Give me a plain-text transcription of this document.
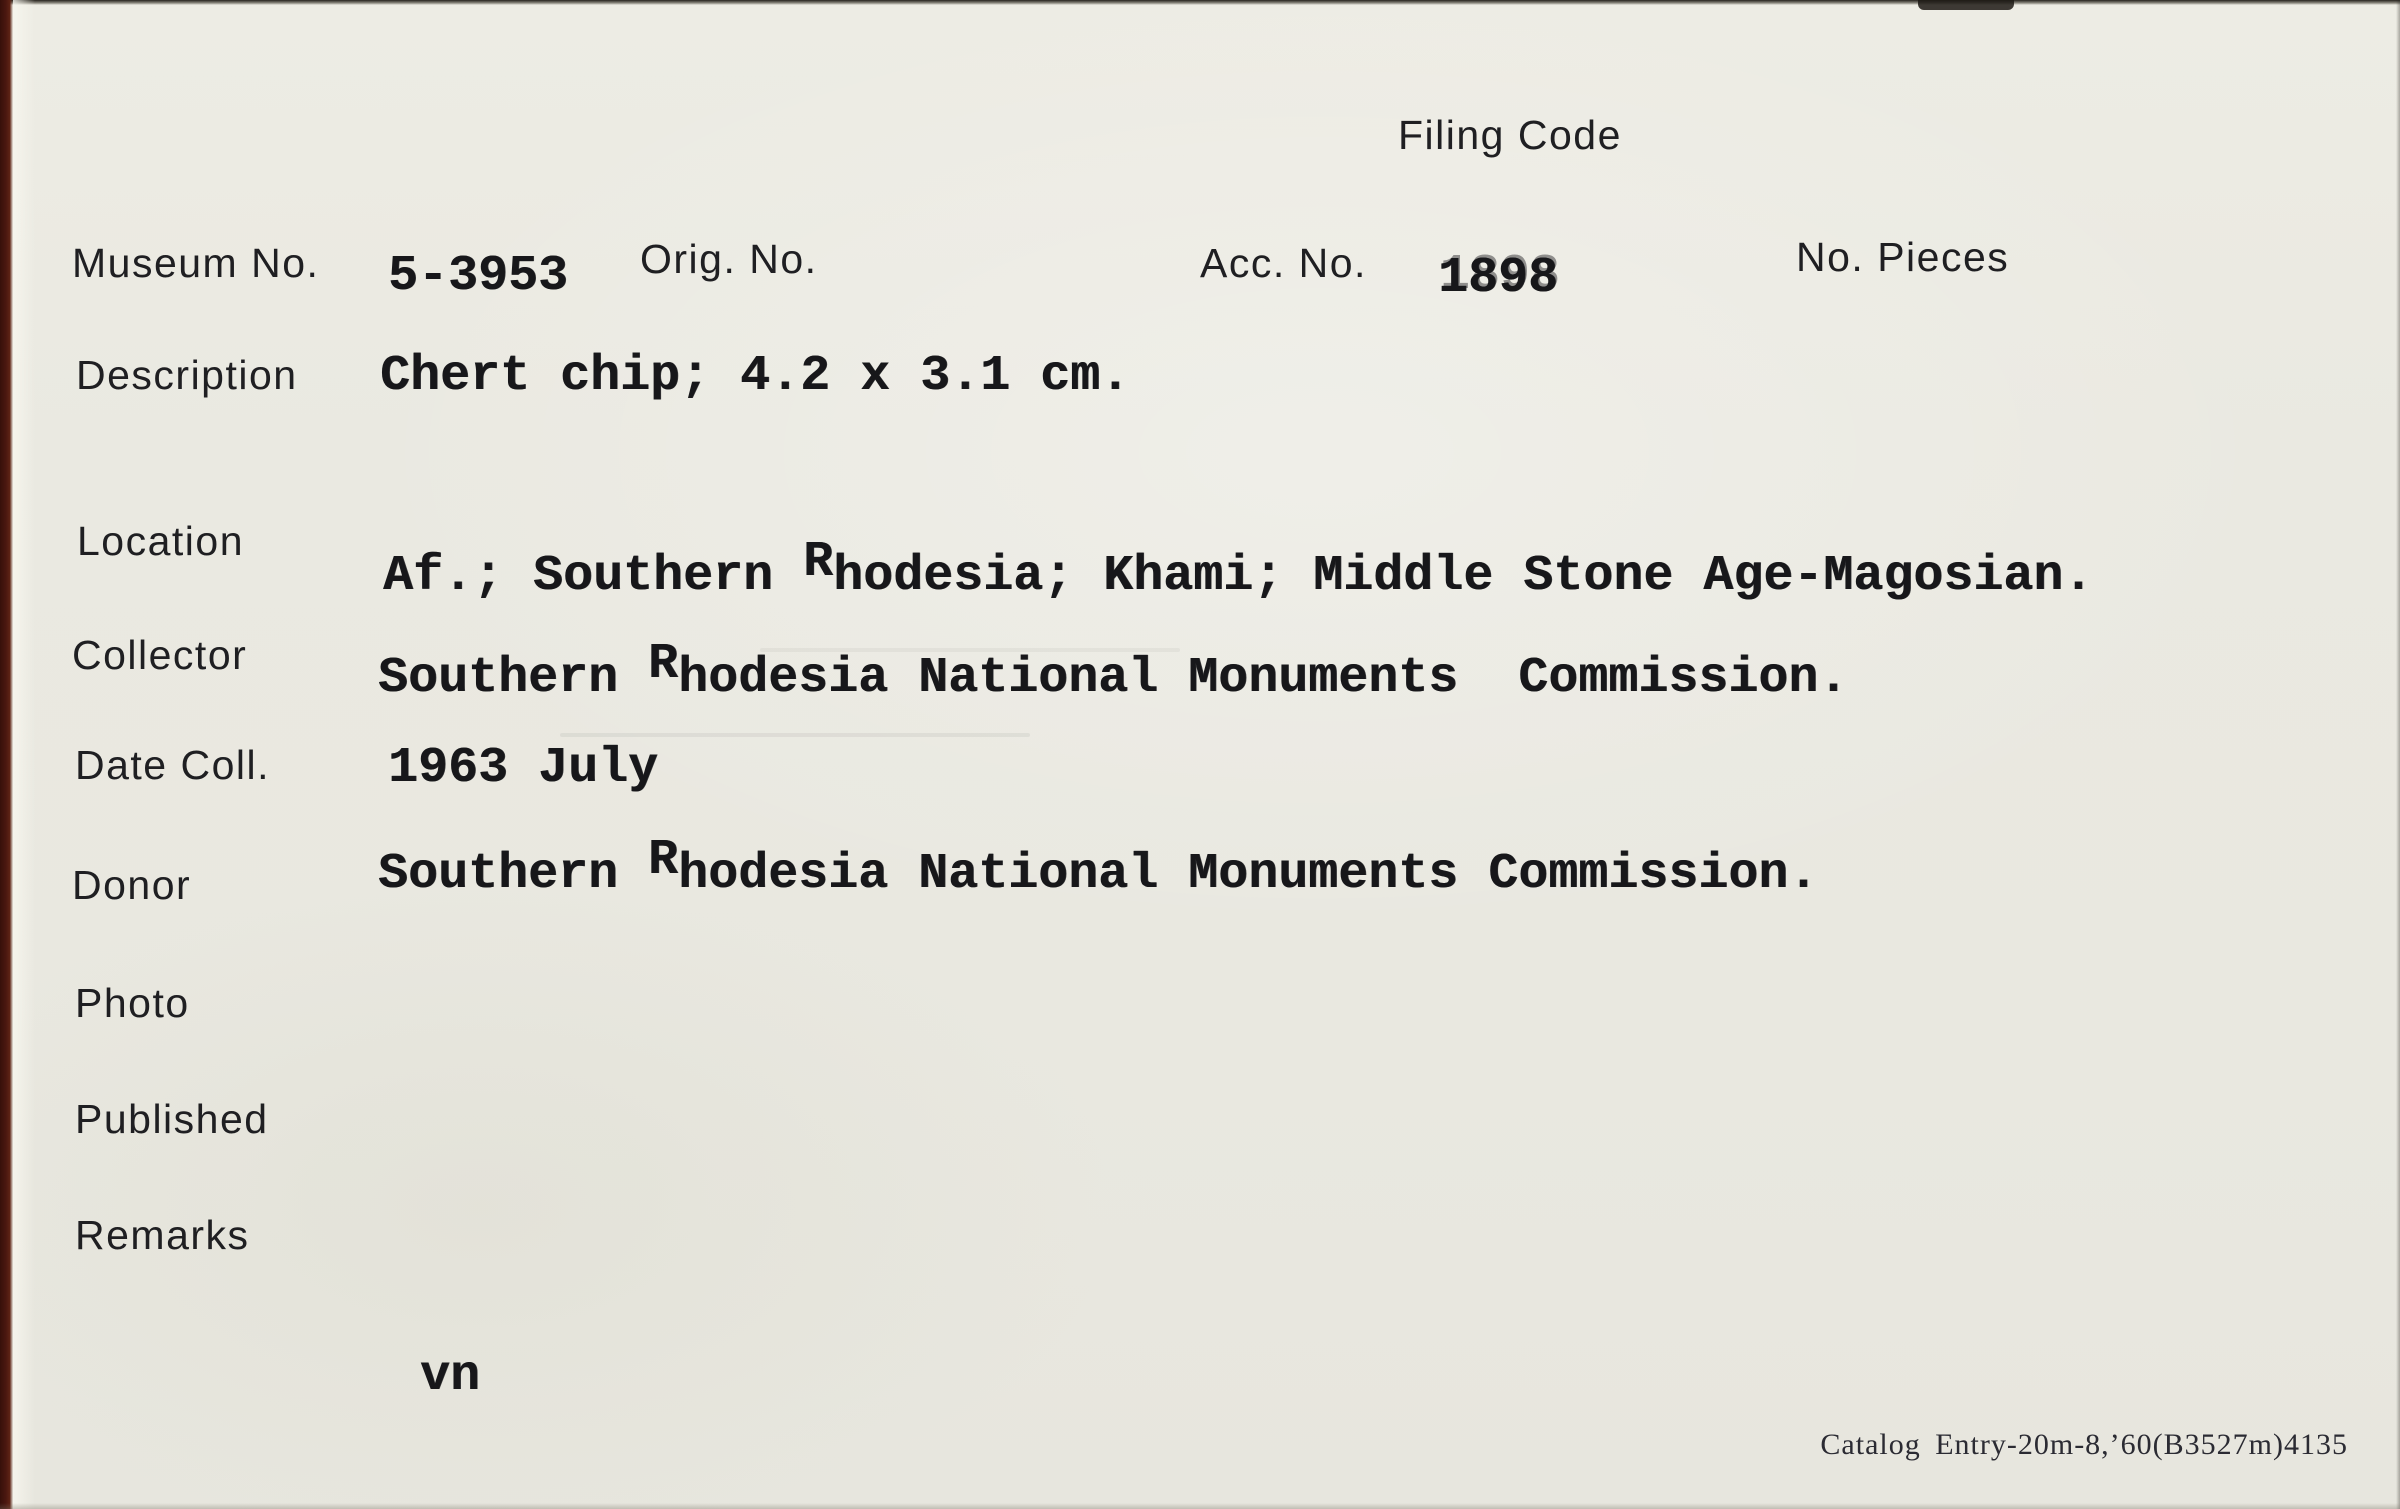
Filing Code
Museum No. 5-3953 Orig. No.	Acc. No. 1898	No. Pieces
Description Chert chip; 4.2 x 3.1 cm.
Location
Af.; Southern Rhodesia; Khami; Middle Stone Age-Magosian.
Collector	Southern Rhodesia National Monuments  Commission.
Date Coll. 1963 July
Donor	Southern Rhodesia National Monuments Commission.
Photo
Published
Remarks
vn
Catalog Entry-20m-8,’60(B3527m)4135
